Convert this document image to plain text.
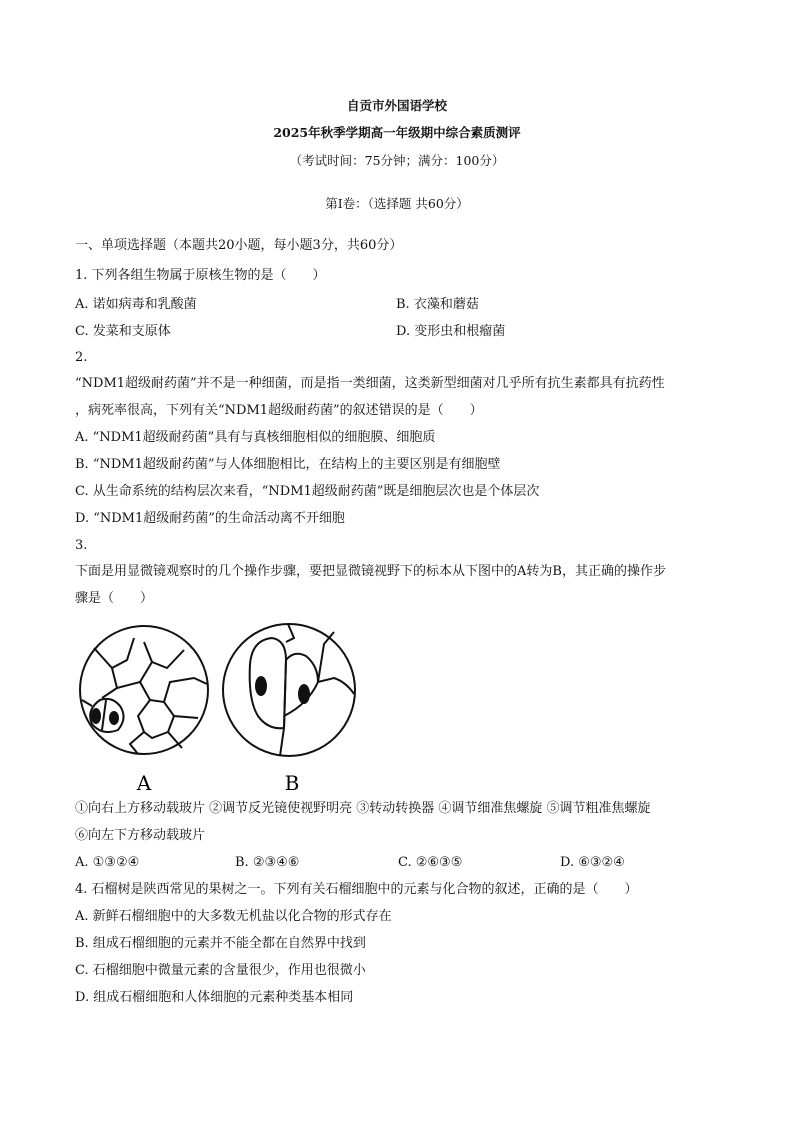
自贡市外国语学校
2025年秋季学期高一年级期中综合素质测评
（考试时间：75分钟；满分：100分）
第Ⅰ卷：（选择题 共60分）
一、单项选择题（本题共20小题，每小题3分，共60分）
1. 下列各组生物属于原核生物的是（　　）
A. 诺如病毒和乳酸菌	B. 衣藻和蘑菇
C. 发菜和支原体	D. 变形虫和根瘤菌
2.
“NDM1超级耐药菌”并不是一种细菌，而是指一类细菌，这类新型细菌对几乎所有抗生素都具有抗药性
，病死率很高，下列有关“NDM1超级耐药菌”的叙述错误的是（　　）
A. “NDM1超级耐药菌”具有与真核细胞相似的细胞膜、细胞质
B. “NDM1超级耐药菌”与人体细胞相比，在结构上的主要区别是有细胞壁
C. 从生命系统的结构层次来看，“NDM1超级耐药菌”既是细胞层次也是个体层次
D. “NDM1超级耐药菌”的生命活动离不开细胞
3.
下面是用显微镜观察时的几个操作步骤，要把显微镜视野下的标本从下图中的A转为B，其正确的操作步
骤是（　　）
A	B
①向右上方移动载玻片 ②调节反光镜使视野明亮 ③转动转换器 ④调节细准焦螺旋 ⑤调节粗准焦螺旋
⑥向左下方移动载玻片
A. ①③②④	B. ②③④⑥	C. ②⑥③⑤	D. ⑥③②④
4. 石榴树是陕西常见的果树之一。下列有关石榴细胞中的元素与化合物的叙述，正确的是（　　）
A. 新鲜石榴细胞中的大多数无机盐以化合物的形式存在
B. 组成石榴细胞的元素并不能全都在自然界中找到
C. 石榴细胞中微量元素的含量很少，作用也很微小
D. 组成石榴细胞和人体细胞的元素种类基本相同
